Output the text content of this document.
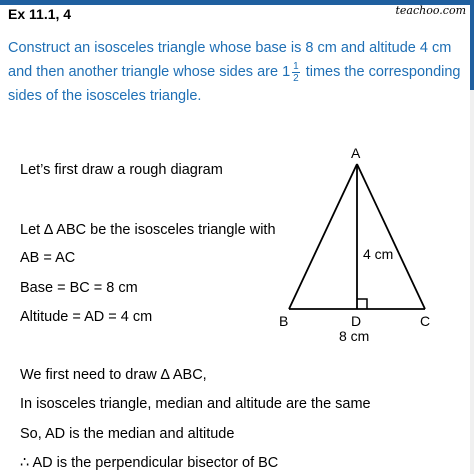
Ex 11.1, 4	teachoo.com
Construct an isosceles triangle whose base is 8 cm and altitude 4 cm and then another triangle whose sides are $1 \frac{1}{2}$ times the corresponding sides of the isosceles triangle.
Let’s first draw a rough diagram
Let ∆ ABC be the isosceles triangle with
AB = AC
Base = BC = 8 cm
Altitude = AD = 4 cm
We first need to draw ∆ ABC,
In isosceles triangle, median and altitude are the same
So, AD is the median and altitude
∴ AD is the perpendicular bisector of BC
A
B	C
D
4 cm
8 cm
